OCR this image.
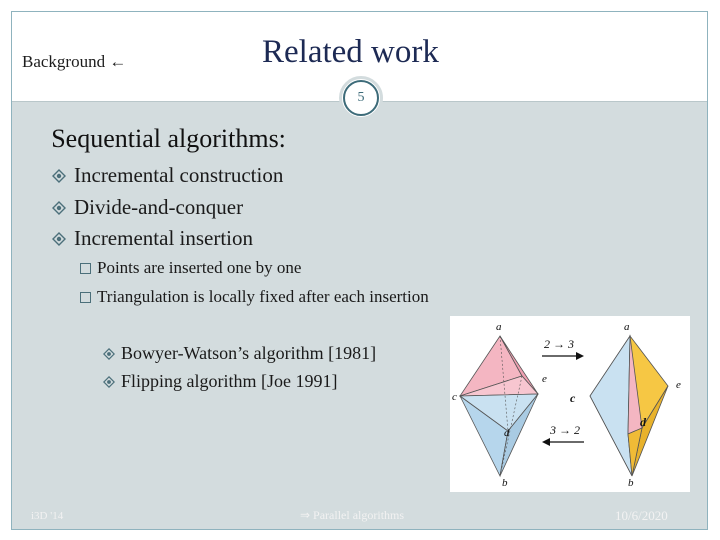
Background ←	Related work
5
 Sequential algorithms:
Incremental construction
Divide-and-conquer
Incremental insertion
Points are inserted one by one
Triangulation is locally fixed after each insertion
Bowyer-Watson’s algorithm [1981]
Flipping algorithm [Joe 1991]
2 → 3
3 → 2
a
c
e
d
b
a
e
c
d
b
i3D '14	⇒ Parallel algorithms	10/6/2020
